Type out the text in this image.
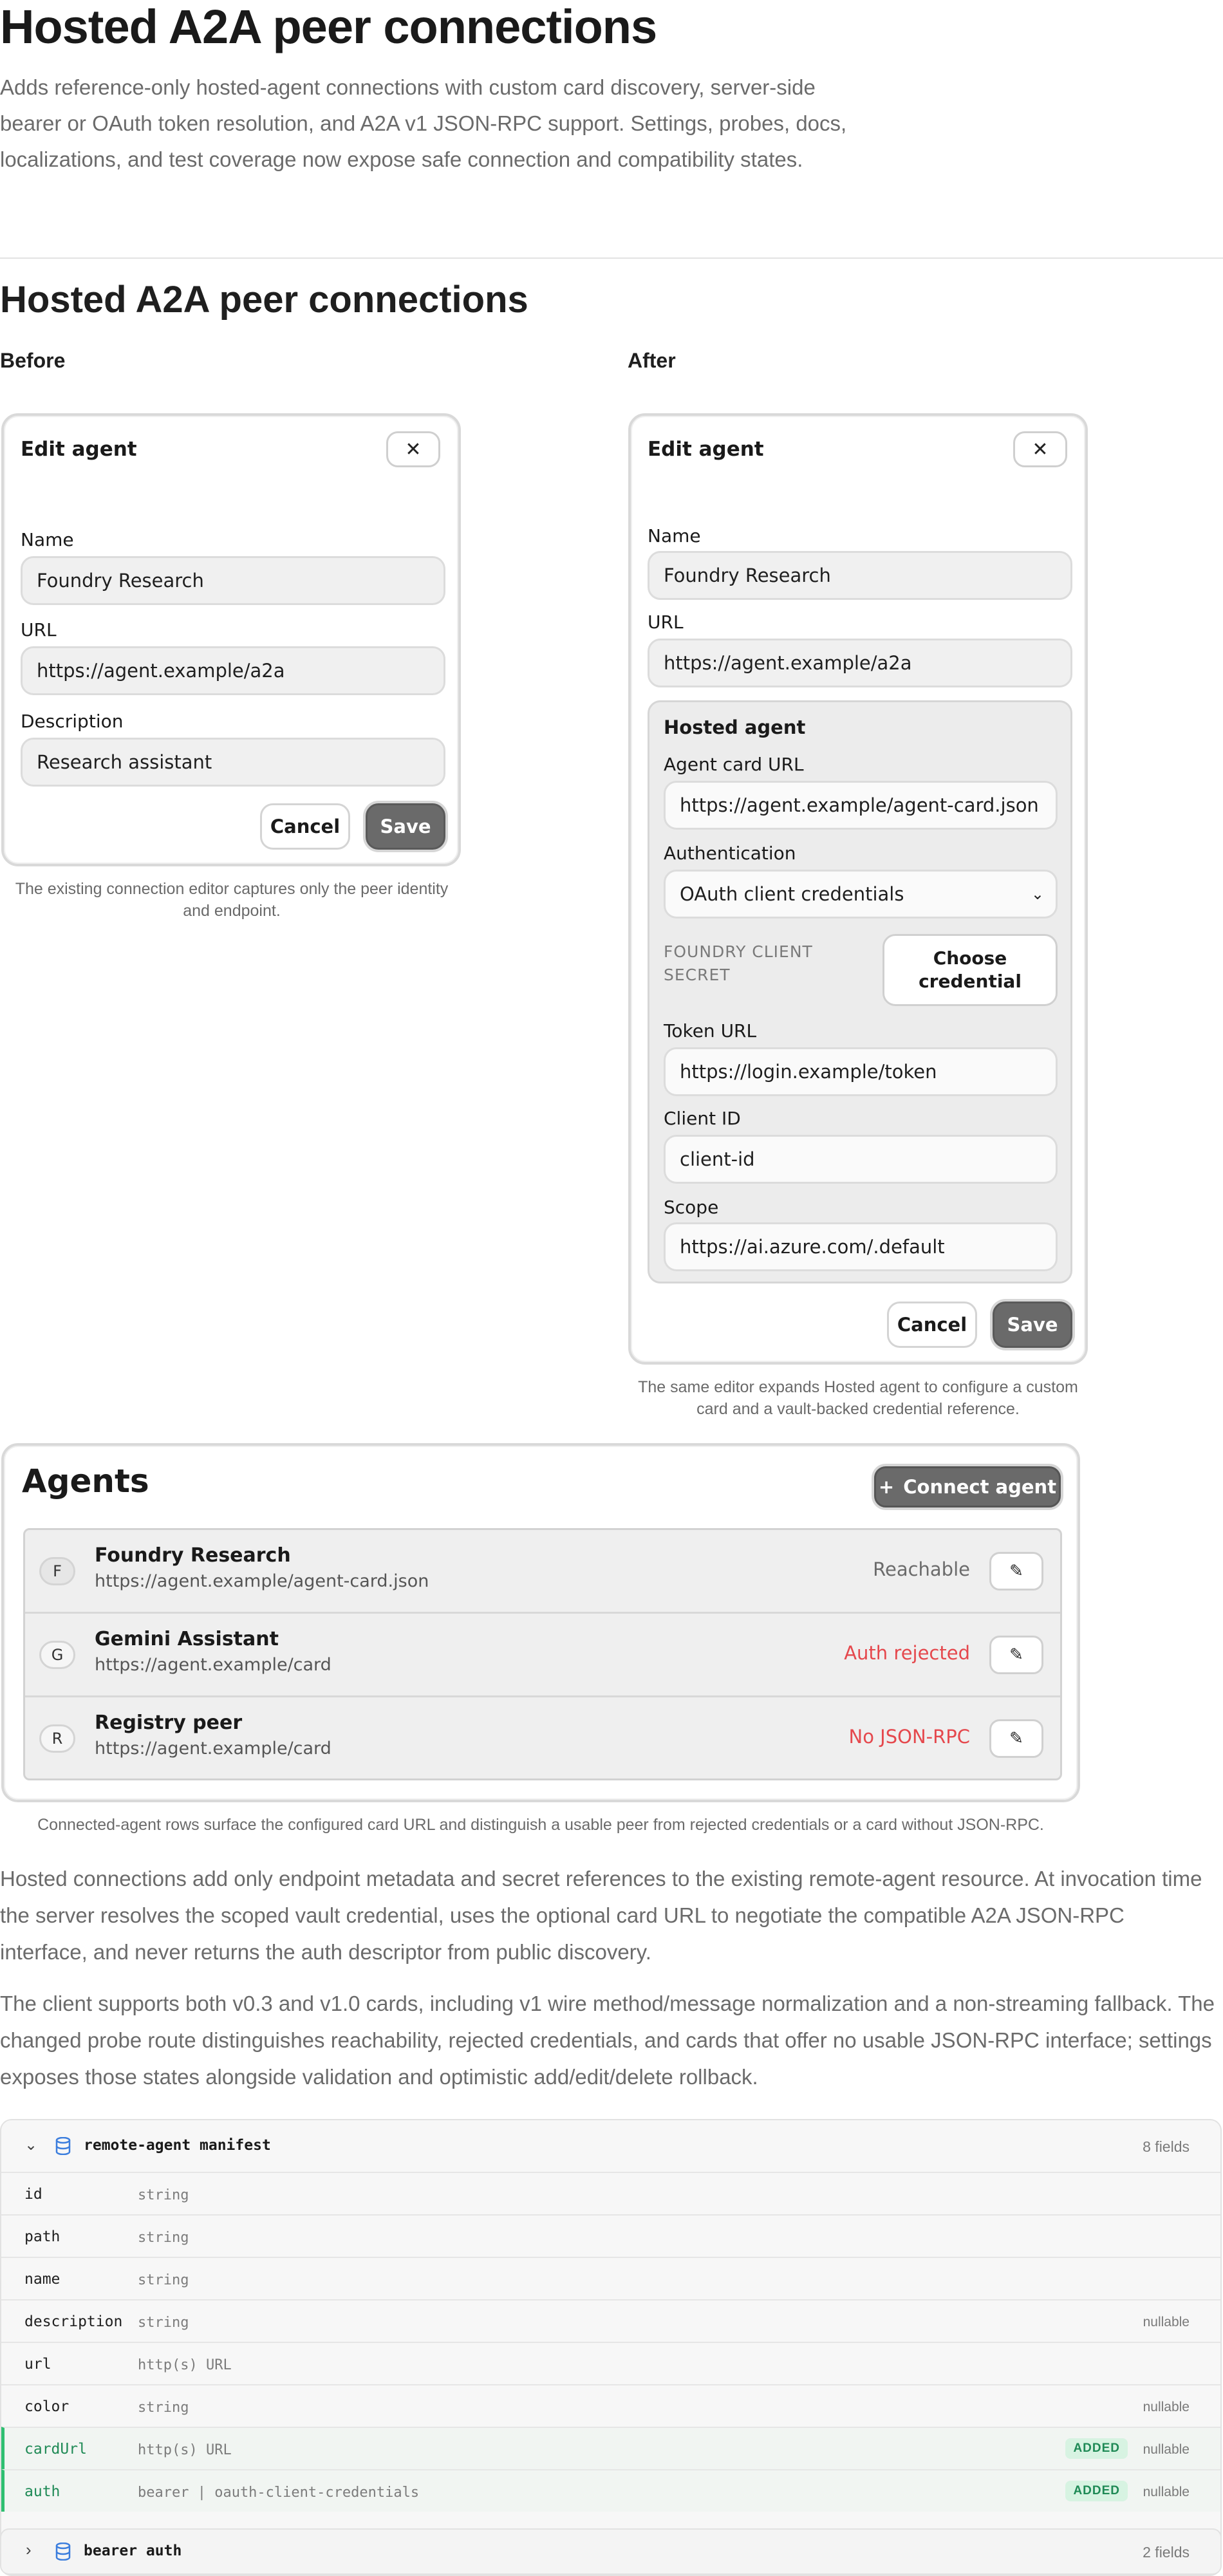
Hosted A2A peer connections

Adds reference-only hosted-agent connections with custom card discovery, server-side bearer or OAuth token resolution, and A2A v1 JSON-RPC support. Settings, probes, docs, localizations, and test coverage now expose safe connection and compatibility states.

Hosted A2A peer connections
Before	After
Edit agent	✕
Name
Foundry Research
URL
https://agent.example/a2a
Description
Research assistant
Cancel	Save
The existing connection editor captures only the peer identity and endpoint.
Edit agent	✕
Name
Foundry Research
URL
https://agent.example/a2a
Hosted agent
Agent card URL
https://agent.example/agent-card.json
Authentication
OAuth client credentials	⌄
FOUNDRY CLIENT SECRET
Choose credential
Token URL
https://login.example/token
Client ID
client-id
Scope
https://ai.azure.com/.default
Cancel	Save
The same editor expands Hosted agent to configure a custom card and a vault-backed credential reference.
Agents	+ Connect agent
F
Foundry Research
https://agent.example/agent-card.json
Reachable ✎
G
Gemini Assistant
https://agent.example/card
Auth rejected ✎
R
Registry peer
https://agent.example/card
No JSON-RPC ✎
Connected-agent rows surface the configured card URL and distinguish a usable peer from rejected credentials or a card without JSON-RPC.

Hosted connections add only endpoint metadata and secret references to the existing remote-agent resource. At invocation time the server resolves the scoped vault credential, uses the optional card URL to negotiate the compatible A2A JSON-RPC interface, and never returns the auth descriptor from public discovery.

The client supports both v0.3 and v1.0 cards, including v1 wire method/message normalization and a non-streaming fallback. The changed probe route distinguishes reachability, rejected credentials, and cards that offer no usable JSON-RPC interface; settings exposes those states alongside validation and optimistic add/edit/delete rollback.

⌄	remote-agent manifest	8 fields
id	string
path	string
name	string
description string	nullable
url	http(s) URL
color	string	nullable
cardUrl	http(s) URL	ADDED	nullable
auth	bearer | oauth-client-credentials	ADDED	nullable
›	bearer auth	2 fields
